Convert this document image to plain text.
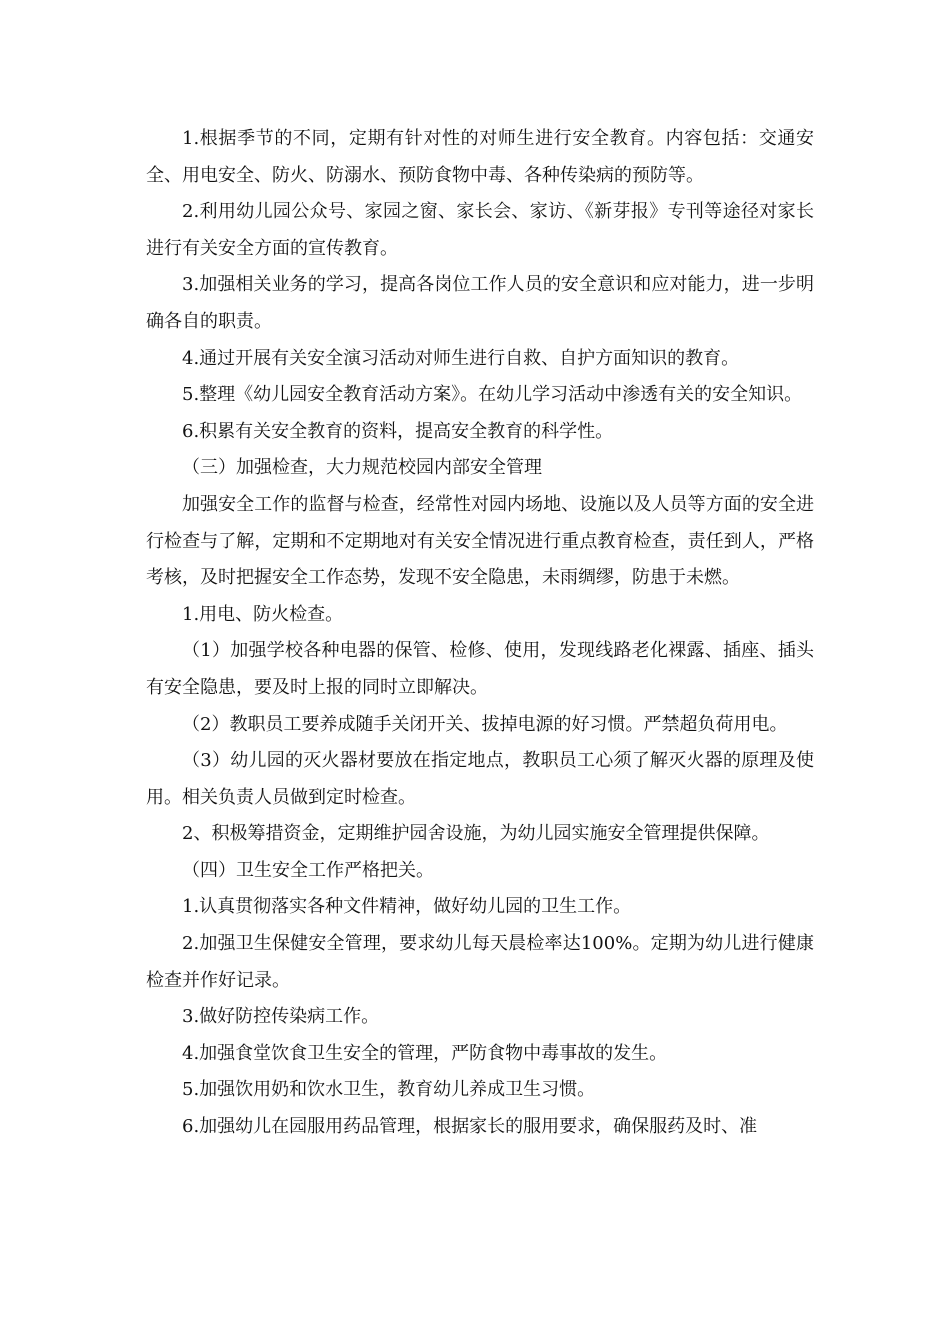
1.根据季节的不同，定期有针对性的对师生进行安全教育。内容包括：交通安全、用电安全、防火、防溺水、预防食物中毒、各种传染病的预防等。

2.利用幼儿园公众号、家园之窗、家长会、家访、《新芽报》专刊等途径对家长进行有关安全方面的宣传教育。

3.加强相关业务的学习，提高各岗位工作人员的安全意识和应对能力，进一步明确各自的职责。

4.通过开展有关安全演习活动对师生进行自救、自护方面知识的教育。

5.整理《幼儿园安全教育活动方案》。在幼儿学习活动中渗透有关的安全知识。

6.积累有关安全教育的资料，提高安全教育的科学性。

（三）加强检查，大力规范校园内部安全管理

加强安全工作的监督与检查，经常性对园内场地、设施以及人员等方面的安全进行检查与了解，定期和不定期地对有关安全情况进行重点教育检查，责任到人，严格考核，及时把握安全工作态势，发现不安全隐患，未雨绸缪，防患于未燃。

1.用电、防火检查。

（1）加强学校各种电器的保管、检修、使用，发现线路老化裸露、插座、插头有安全隐患，要及时上报的同时立即解决。

（2）教职员工要养成随手关闭开关、拔掉电源的好习惯。严禁超负荷用电。

（3）幼儿园的灭火器材要放在指定地点，教职员工心须了解灭火器的原理及使用。相关负责人员做到定时检查。

2、积极筹措资金，定期维护园舍设施，为幼儿园实施安全管理提供保障。

（四）卫生安全工作严格把关。

1.认真贯彻落实各种文件精神，做好幼儿园的卫生工作。

2.加强卫生保健安全管理，要求幼儿每天晨检率达100%。定期为幼儿进行健康检查并作好记录。

3.做好防控传染病工作。

4.加强食堂饮食卫生安全的管理，严防食物中毒事故的发生。

5.加强饮用奶和饮水卫生，教育幼儿养成卫生习惯。

6.加强幼儿在园服用药品管理，根据家长的服用要求，确保服药及时、准
